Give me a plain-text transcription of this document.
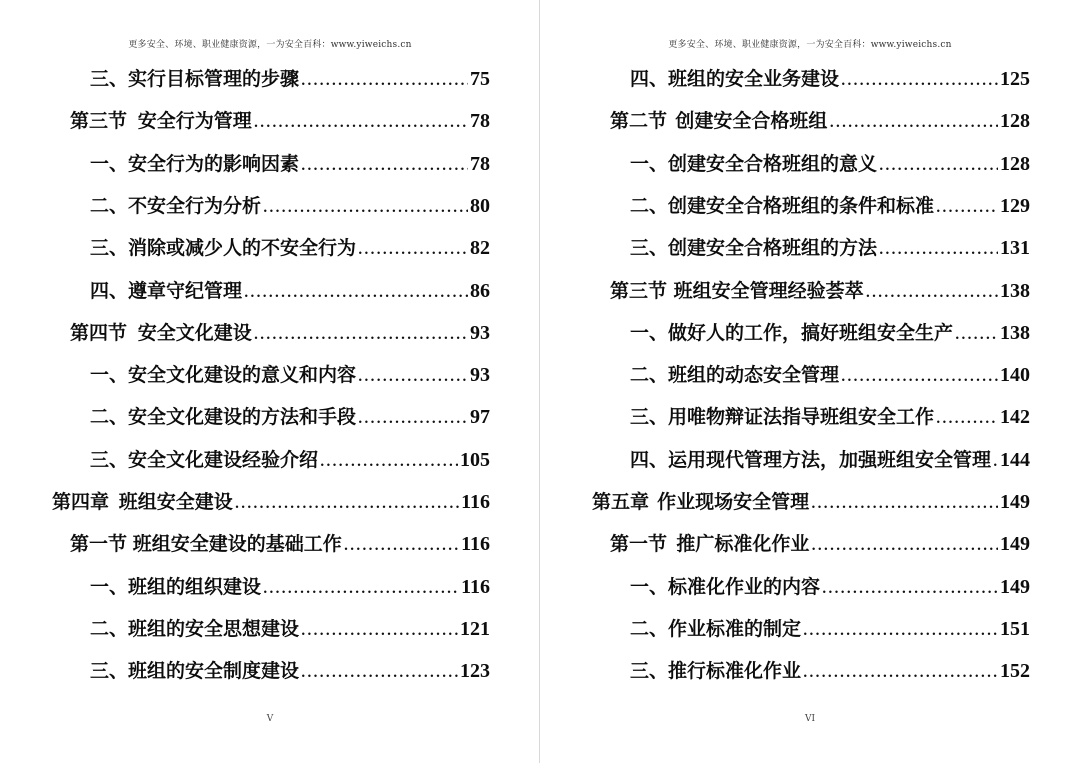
更多安全、环境、职业健康资源，一为安全百科：www.yiweichs.cn
三、 实行目标管理的步骤 .....	75
第三节 安全行为管理 .....	78
一、 安全行为的影响因素 .....	78
二、 不安全行为分析 .....	80
三、 消除或减少人的不安全行为 .....	82
四、 遵章守纪管理 .....	86
第四节 安全文化建设 .....	93
一、 安全文化建设的意义和内容 .....	93
二、 安全文化建设的方法和手段 .....	97
三、 安全文化建设经验介绍 .....	105
第四章 班组安全建设 .....	116
第一节 班组安全建设的基础工作 .....	116
一、 班组的组织建设 .....	116
二、 班组的安全思想建设 .....	121
三、 班组的安全制度建设 .....	123
V
更多安全、环境、职业健康资源，一为安全百科：www.yiweichs.cn
四、 班组的安全业务建设 .....	125
第二节 创建安全合格班组 .....	128
一、 创建安全合格班组的意义 .....	128
二、 创建安全合格班组的条件和标准 .....	129
三、 创建安全合格班组的方法 .....	131
第三节 班组安全管理经验荟萃 .....	138
一、 做好人的工作，搞好班组安全生产 ..... 138
二、 班组的动态安全管理 .....	140
三、 用唯物辩证法指导班组安全工作 .....	142
四、 运用现代管理方法，加强班组安全管理 ..... 144
第五章 作业现场安全管理 .....	149
第一节 推广标准化作业 .....	149
一、 标准化作业的内容 .....	149
二、 作业标准的制定 .....	151
三、 推行标准化作业 .....	152
VI
